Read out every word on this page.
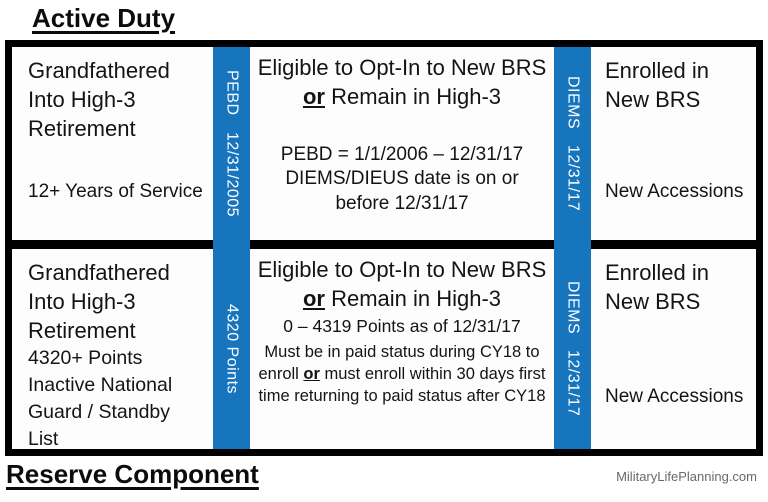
Active Duty
Grandfathered Into High-3 Retirement
12+ Years of Service
Eligible to Opt-In to New BRS or Remain in High-3
PEBD = 1/1/2006 – 12/31/17
DIEMS/DIEUS date is on or
before 12/31/17
Enrolled in New BRS
New Accessions
Grandfathered Into High-3 Retirement
4320+ Points
Inactive National
Guard / Standby List
Eligible to Opt-In to New BRS or Remain in High-3
0 – 4319 Points as of 12/31/17
Must be in paid status during CY18 to enroll or must enroll within 30 days first time returning to paid status after CY18
Enrolled in New BRS
New Accessions
PEBD
12/31/2005
4320 Points
DIEMS
12/31/17
DIEMS
12/31/17
Reserve Component	MilitaryLifePlanning.com
